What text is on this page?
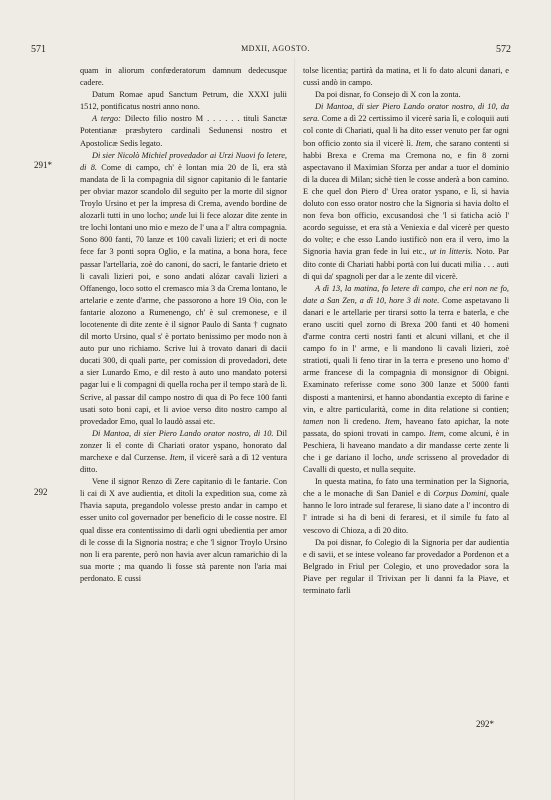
571	MDXII, AGOSTO.	572
291*
292
292*

quam in aliorum confœderatorum damnum dedecusque cadere.

Datum Romae apud Sanctum Petrum, die XXXI julii 1512, pontificatus nostri anno nono.

A tergo: Dilecto filio nostro M . . . . . . tituli Sanctæ Potentianæ præsbytero cardinali Sedunensi nostro et Apostolicæ Sedis legato.

Di sier Nicolò Michiel provedador ai Urzi Nuovi fo letere, di 8. Come di campo, ch' è lontan mia 20 de lì, era stà mandata de lì la compagnia dil signor capitanio di le fantarie per obviar mazor scandolo dil seguito per la morte dil signor Troylo Ursino et per la impresa di Crema, avendo bordine de alozarli tutti in uno locho; unde lui li fece alozar dite zente in tre lochi lontani uno mio e mezo de l' una a l' altra compagnia. Sono 800 fanti, 70 lanze et 100 cavali lizieri; et eri di nocte fece far 3 ponti sopra Oglio, e la matina, a bona hora, fece passar l'artellaria, zoè do canoni, do sacri, le fantarie drieto et li cavali lizieri poi, e sono andati alózar cavali lizieri a Offanengo, loco sotto el cremasco mia 3 da Crema lontano, le artelarie e zente d'arme, che passorono a hore 19 Oio, con le fantarie alozono a Rumenengo, ch' è sul cremonese, e il locotenente di dite zente è il signor Paulo di Santa † cugnato dil morto Ursino, qual s' è portato benissimo per modo non à auto pur uno richiamo. Scrive lui à trovato danari di dacii ducati 300, di quali parte, per comission di provedadori, dete a sier Lunardo Emo, e dil resto à auto uno mandato potersi pagar lui e li compagni di quella rocha per il tempo starà de lì. Scrive, al passar dil campo nostro di qua di Po fece 100 fanti usati soto boni capi, et li avioe verso dito nostro campo al provedador Emo, qual lo laudò assai etc.

Di Mantoa, di sier Piero Lando orator nostro, di 10. Dil zonzer lì el conte di Chariati orator yspano, honorato dal marchexe e dal Curzense. Item, il vicerè sarà a dì 12 ventura ditto.

Vene il signor Renzo di Zere capitanio di le fantarie. Con li cai di X ave audientia, et ditoli la expedition sua, come zà l'havia saputa, pregandolo volesse presto andar in campo et esser unito col governador per beneficio di le cosse nostre. El qual disse era contentissimo di darli ogni ubedientia per amor di le cosse di la Signoria nostra; e che 'l signor Troylo Ursino non li era parente, però non havia aver alcun ramarichio di la sua morte ; ma quando li fosse stà parente non l'aria mai perdonato. E cussi

tolse licentia; partirà da matina, et li fo dato alcuni danari, e cussì andò in campo.

Da poi disnar, fo Consejo di X con la zonta.

Di Mantoa, di sier Piero Lando orator nostro, di 10, da sera. Come a dì 22 certissimo il vicerè saria lì, e coloquii auti col conte di Chariati, qual li ha dito esser venuto per far ogni bon officio zonto sia il vicerè lì. Item, che sarano contenti si habbi Brexa e Crema ma Cremona no, e fin 8 zorni aspectavano il Maximian Sforza per andar a tuor el dominio di la ducea di Milan; sichè tien le cosse anderà a bon camino. E che quel don Piero d' Urea orator yspano, e lì, si havia doluto con esso orator nostro che la Signoria si havia dolto el non feva bon officio, excusandosi che 'l si faticha aciò l' acordo seguisse, et era stà a Veniexia e dal vicerè per questo do volte; e che esso Lando iustificò non era il vero, imo la Signoria havia gran fede in lui etc., ut in litteris. Noto. Par dito conte di Chariati habbi portà con lui ducati milia . . . auti di qui da' spagnoli per dar a le zente dil vicerè.

A dì 13, la matina, fo letere di campo, che eri non ne fo, date a San Zen, a dì 10, hore 3 di note. Come aspetavano li danari e le artellarie per tirarsi sotto la terra e baterla, e che erano usciti quel zorno di Brexa 200 fanti et 40 homeni d'arme contra certi nostri fanti et alcuni villani, et che il campo fo in l' arme, e li mandono li cavali lizieri, zoè stratioti, quali li feno tirar in la terra e preseno uno homo d' arme francese di la compagnia di monsignor di Obigni. Examinato referisse come sono 300 lanze et 5000 fanti disposti a mantenirsi, et hanno abondantia excepto di farine e vin, e altre particularità, come in dita relatione si contien; tamen non li credeno. Item, haveano fato apichar, la note passata, do spioni trovati in campo. Item, come alcuni, è in Peschiera, li haveano mandato a dir mandasse certe zente li che i ge dariano il locho, unde scrisseno al provedador di Cavalli di questo, et nulla sequite.

In questa matina, fo fato una termination per la Signoria, che a le monache di San Daniel e di Corpus Domini, quale hanno le loro intrade sul ferarese, li siano date a l' incontro di l' intrade si ha di beni di feraresi, et il simile fu fato al vescovo di Chioza, a dì 20 dito.

Da poi disnar, fo Colegio di la Signoria per dar audientia e di savii, et se intese voleano far provedador a Pordenon et a Belgrado in Friul per Colegio, et uno provedador sora la Piave per regular il Trivixan per li danni fa la Piave, et terminato farli
